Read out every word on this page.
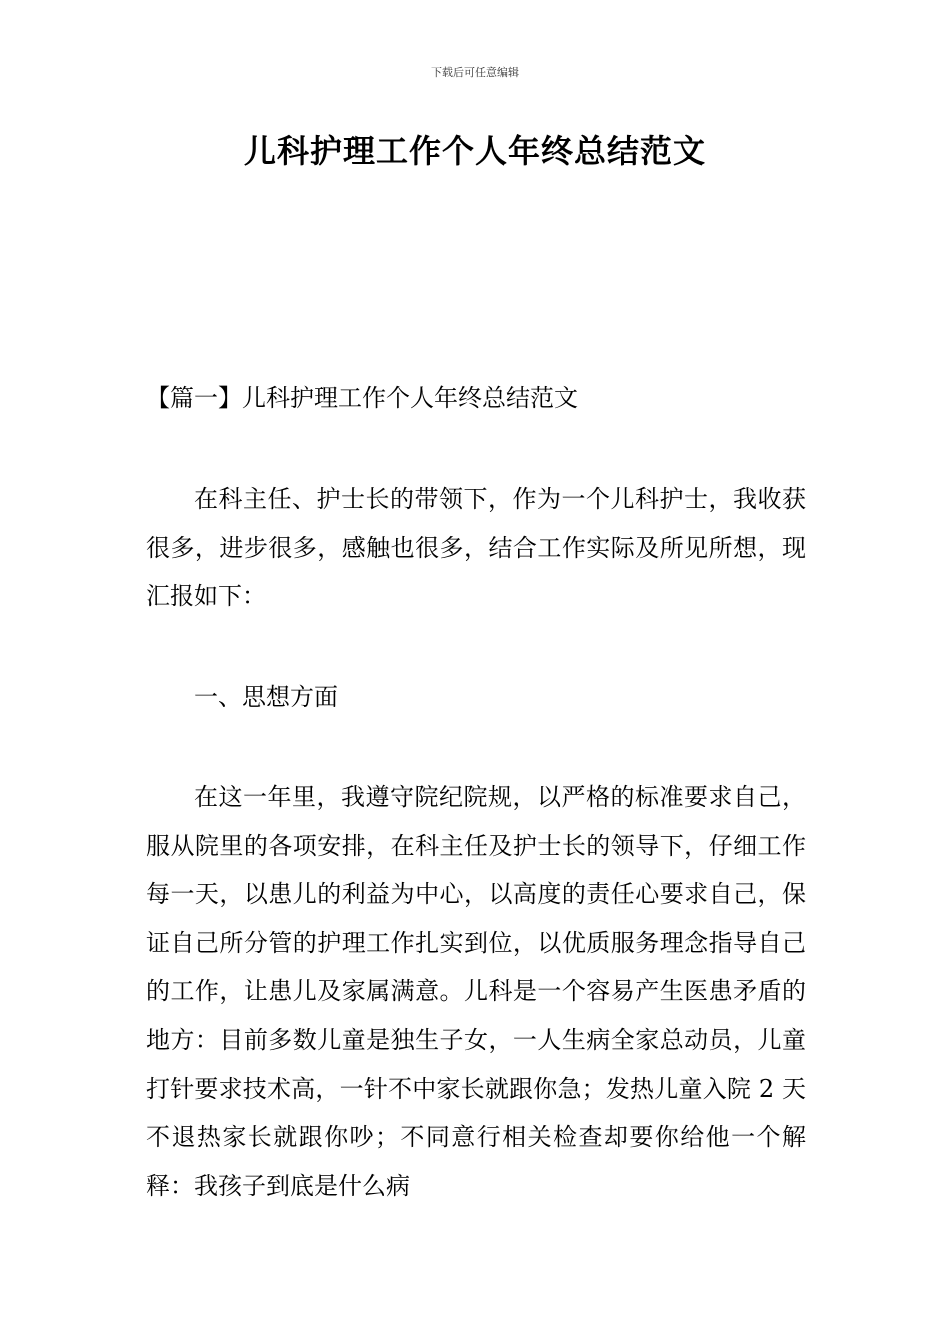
下载后可任意编辑
儿科护理工作个人年终总结范文
【篇一】儿科护理工作个人年终总结范文

在科主任、护士长的带领下，作为一个儿科护士，我收获很多，进步很多，感触也很多，结合工作实际及所见所想，现汇报如下：

一、思想方面

在这一年里，我遵守院纪院规，以严格的标准要求自己，服从院里的各项安排，在科主任及护士长的领导下，仔细工作每一天，以患儿的利益为中心，以高度的责任心要求自己，保证自己所分管的护理工作扎实到位，以优质服务理念指导自己的工作，让患儿及家属满意。儿科是一个容易产生医患矛盾的地方：目前多数儿童是独生子女，一人生病全家总动员，儿童打针要求技术高，一针不中家长就跟你急；发热儿童入院 2 天不退热家长就跟你吵；不同意行相关检查却要你给他一个解释：我孩子到底是什么病
